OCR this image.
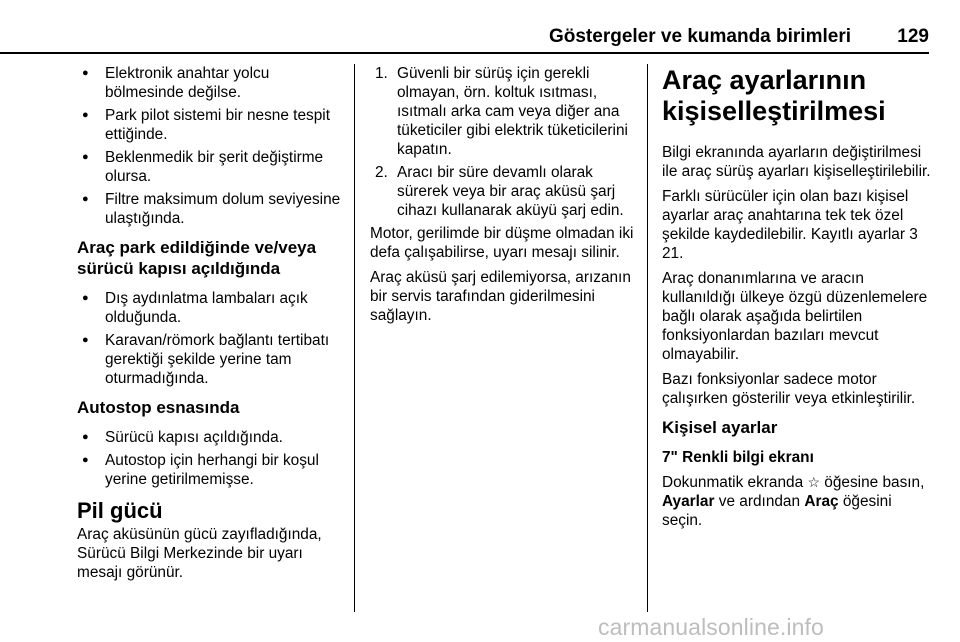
Göstergeler ve kumanda birimleri 129
● Elektronik anahtar yolcu bölmesinde değilse.
● Park pilot sistemi bir nesne tespit ettiğinde.
● Beklenmedik bir şerit değiştirme olursa.
● Filtre maksimum dolum seviyesine ulaştığında.
Araç park edildiğinde ve/veya sürücü kapısı açıldığında
● Dış aydınlatma lambaları açık olduğunda.
● Karavan/römork bağlantı tertibatı gerektiği şekilde yerine tam oturmadığında.
Autostop esnasında
● Sürücü kapısı açıldığında.
● Autostop için herhangi bir koşul yerine getirilmemişse.
Pil gücü

Araç aküsünün gücü zayıfladığında, Sürücü Bilgi Merkezinde bir uyarı mesajı görünür.

1. Güvenli bir sürüş için gerekli olmayan, örn. koltuk ısıtması, ısıtmalı arka cam veya diğer ana tüketiciler gibi elektrik tüketicilerini kapatın.
2. Aracı bir süre devamlı olarak sürerek veya bir araç aküsü şarj cihazı kullanarak aküyü şarj edin.

Motor, gerilimde bir düşme olmadan iki defa çalışabilirse, uyarı mesajı silinir.

Araç aküsü şarj edilemiyorsa, arızanın bir servis tarafından giderilmesini sağlayın.

Araç ayarlarının kişiselleştirilmesi

Bilgi ekranında ayarların değiştirilmesi ile araç sürüş ayarları kişiselleştirilebilir.

Farklı sürücüler için olan bazı kişisel ayarlar araç anahtarına tek tek özel şekilde kaydedilebilir. Kayıtlı ayarlar 3 21.

Araç donanımlarına ve aracın kullanıldığı ülkeye özgü düzenlemelere bağlı olarak aşağıda belirtilen fonksiyonlardan bazıları mevcut olmayabilir.

Bazı fonksiyonlar sadece motor çalışırken gösterilir veya etkinleştirilir.

Kişisel ayarlar
7" Renkli bilgi ekranı

Dokunmatik ekranda ☆ öğesine basın, Ayarlar ve ardından Araç öğesini seçin.

carmanualsonline.info
